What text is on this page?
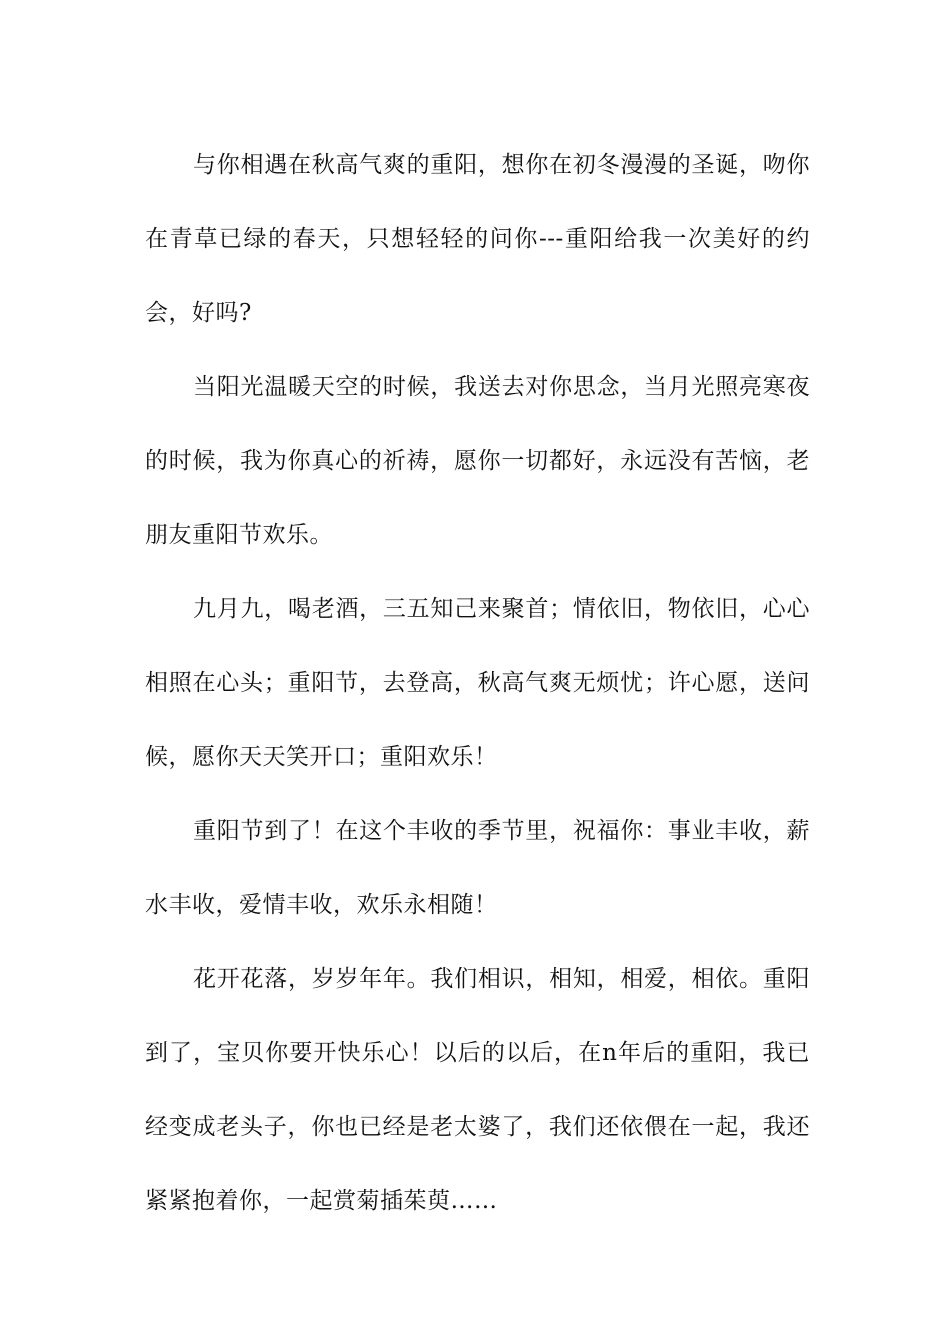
与你相遇在秋高气爽的重阳，想你在初冬漫漫的圣诞，吻你在青草已绿的春天，只想轻轻的问你---重阳给我一次美好的约会，好吗?

当阳光温暖天空的时候，我送去对你思念，当月光照亮寒夜的时候，我为你真心的祈祷，愿你一切都好，永远没有苦恼，老朋友重阳节欢乐。

九月九，喝老酒，三五知己来聚首；情依旧，物依旧，心心相照在心头；重阳节，去登高，秋高气爽无烦忧；许心愿，送问候，愿你天天笑开口；重阳欢乐！

重阳节到了！在这个丰收的季节里，祝福你：事业丰收，薪水丰收，爱情丰收，欢乐永相随！

花开花落，岁岁年年。我们相识，相知，相爱，相依。重阳到了，宝贝你要开快乐心！以后的以后，在n年后的重阳，我已经变成老头子，你也已经是老太婆了，我们还依偎在一起，我还紧紧抱着你，一起赏菊插茱萸……
